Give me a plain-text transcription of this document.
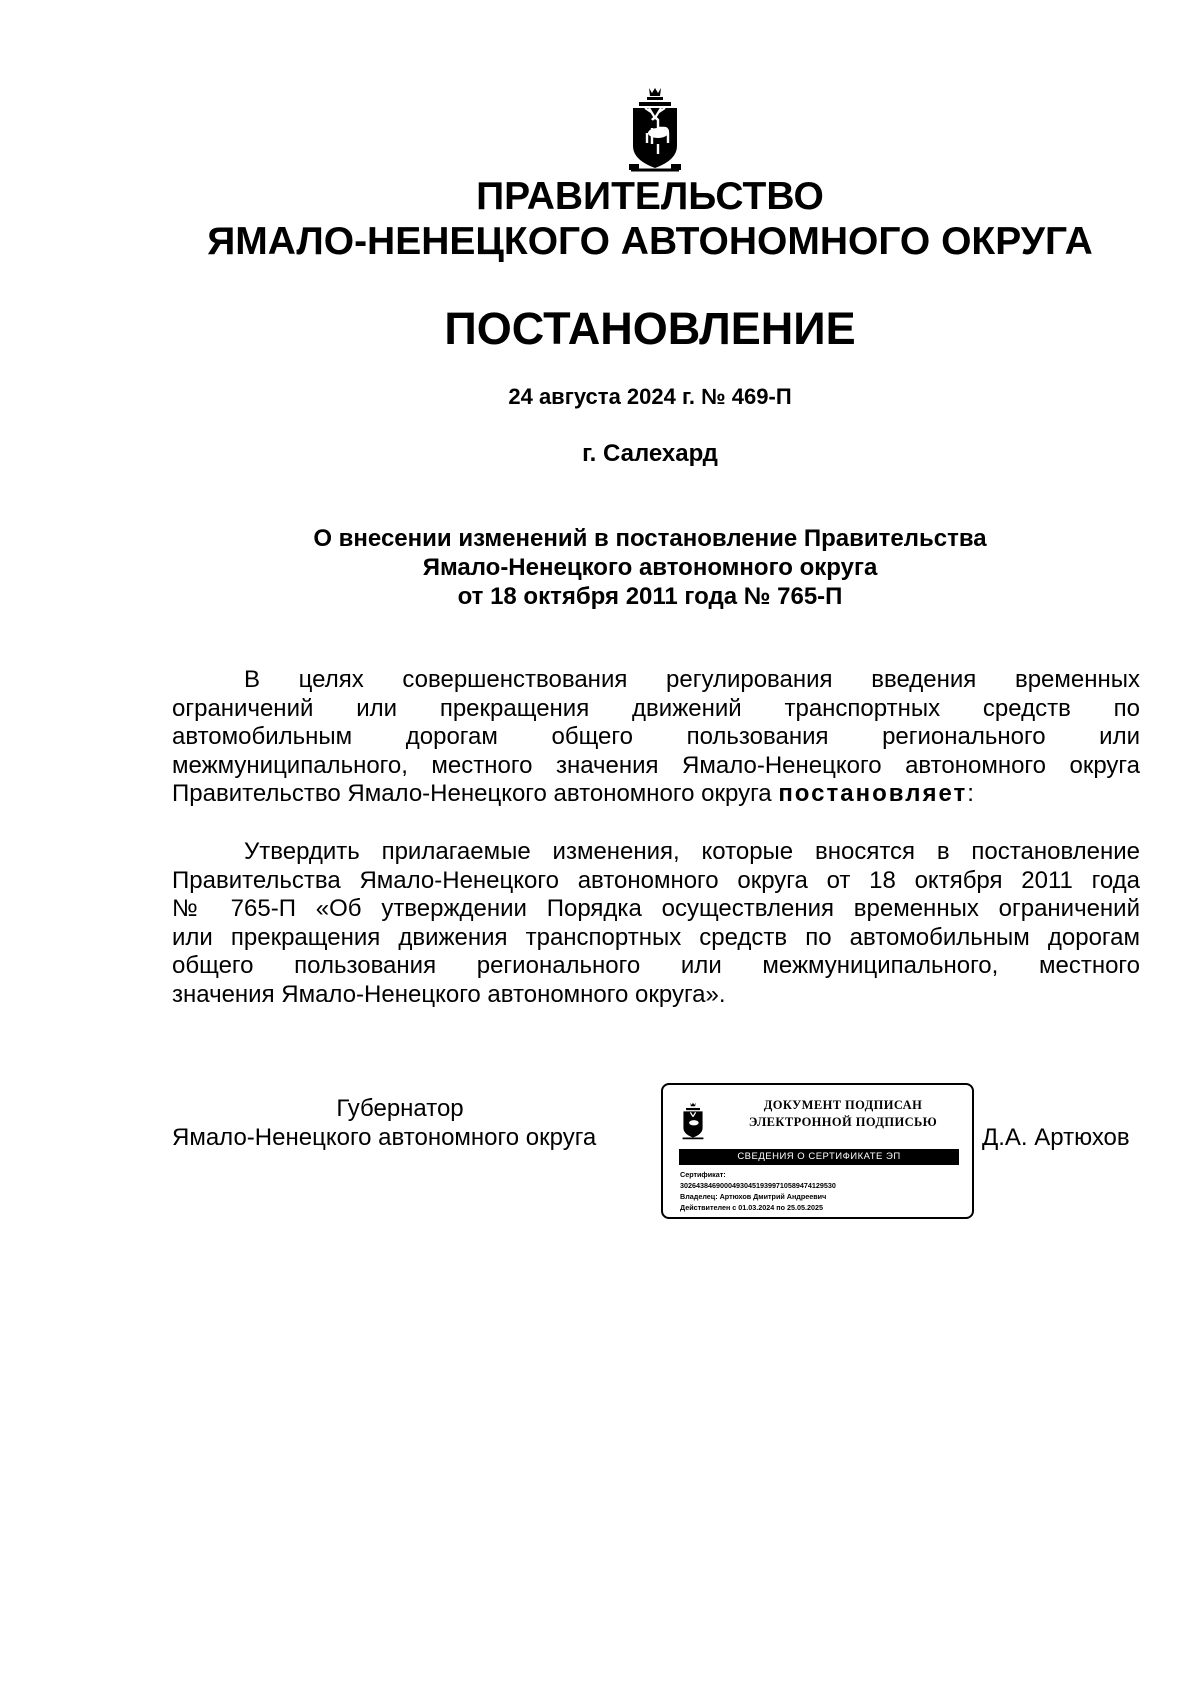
ПРАВИТЕЛЬСТВО
ЯМАЛО-НЕНЕЦКОГО АВТОНОМНОГО ОКРУГА
ПОСТАНОВЛЕНИЕ
24 августа 2024 г. № 469-П
г. Салехард
О внесении изменений в постановление Правительства
Ямало-Ненецкого автономного округа
от 18 октября 2011 года № 765-П
В целях совершенствования регулирования введения временных
ограничений или прекращения движений транспортных средств по
автомобильным дорогам общего пользования регионального или
межмуниципального, местного значения Ямало-Ненецкого автономного округа
Правительство Ямало-Ненецкого автономного округа постановляет:
Утвердить прилагаемые изменения, которые вносятся в постановление
Правительства Ямало-Ненецкого автономного округа от 18 октября 2011 года
№ 765-П «Об утверждении Порядка осуществления временных ограничений
или прекращения движения транспортных средств по автомобильным дорогам
общего пользования регионального или межмуниципального, местного
значения Ямало-Ненецкого автономного округа».
Губернатор
Ямало-Ненецкого автономного округа
ДОКУМЕНТ ПОДПИСАН
ЭЛЕКТРОННОЙ ПОДПИСЬЮ
СВЕДЕНИЯ О СЕРТИФИКАТЕ ЭП
Сертификат:
302643846900049304519399710589474129530
Владелец: Артюхов Дмитрий Андреевич
Действителен с 01.03.2024 по 25.05.2025
Д.А. Артюхов
